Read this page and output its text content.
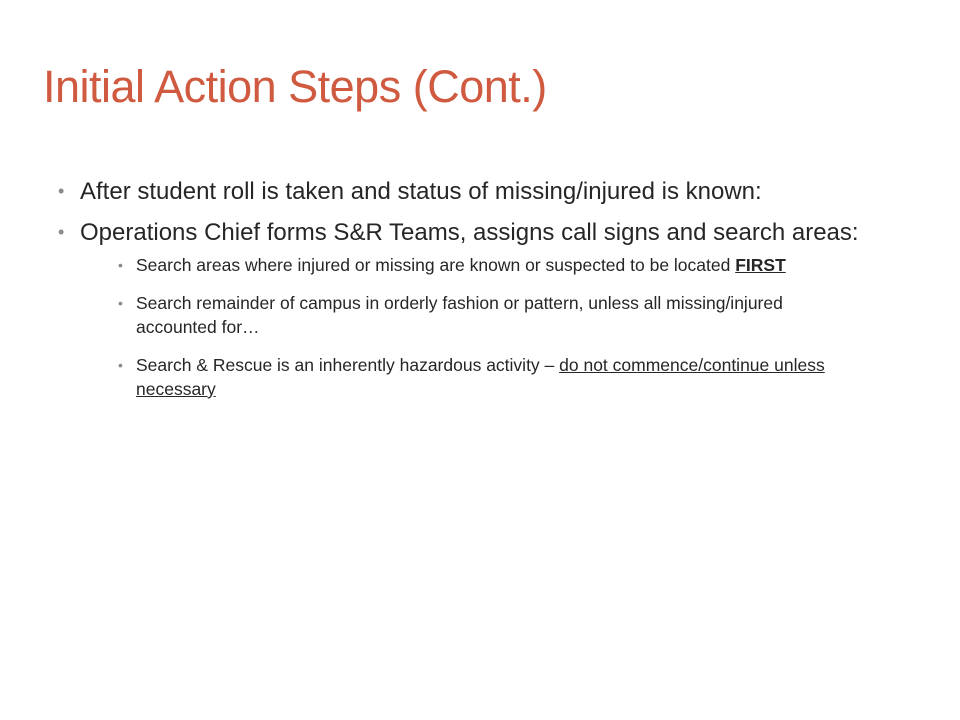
Initial Action Steps (Cont.)
• After student roll is taken and status of missing/injured is known:
• Operations Chief forms S&R Teams, assigns call signs and search areas:
• Search areas where injured or missing are known or suspected to be located FIRST
• Search remainder of campus in orderly fashion or pattern, unless all missing/injured accounted for…
• Search & Rescue is an inherently hazardous activity – do not commence/continue unless necessary
